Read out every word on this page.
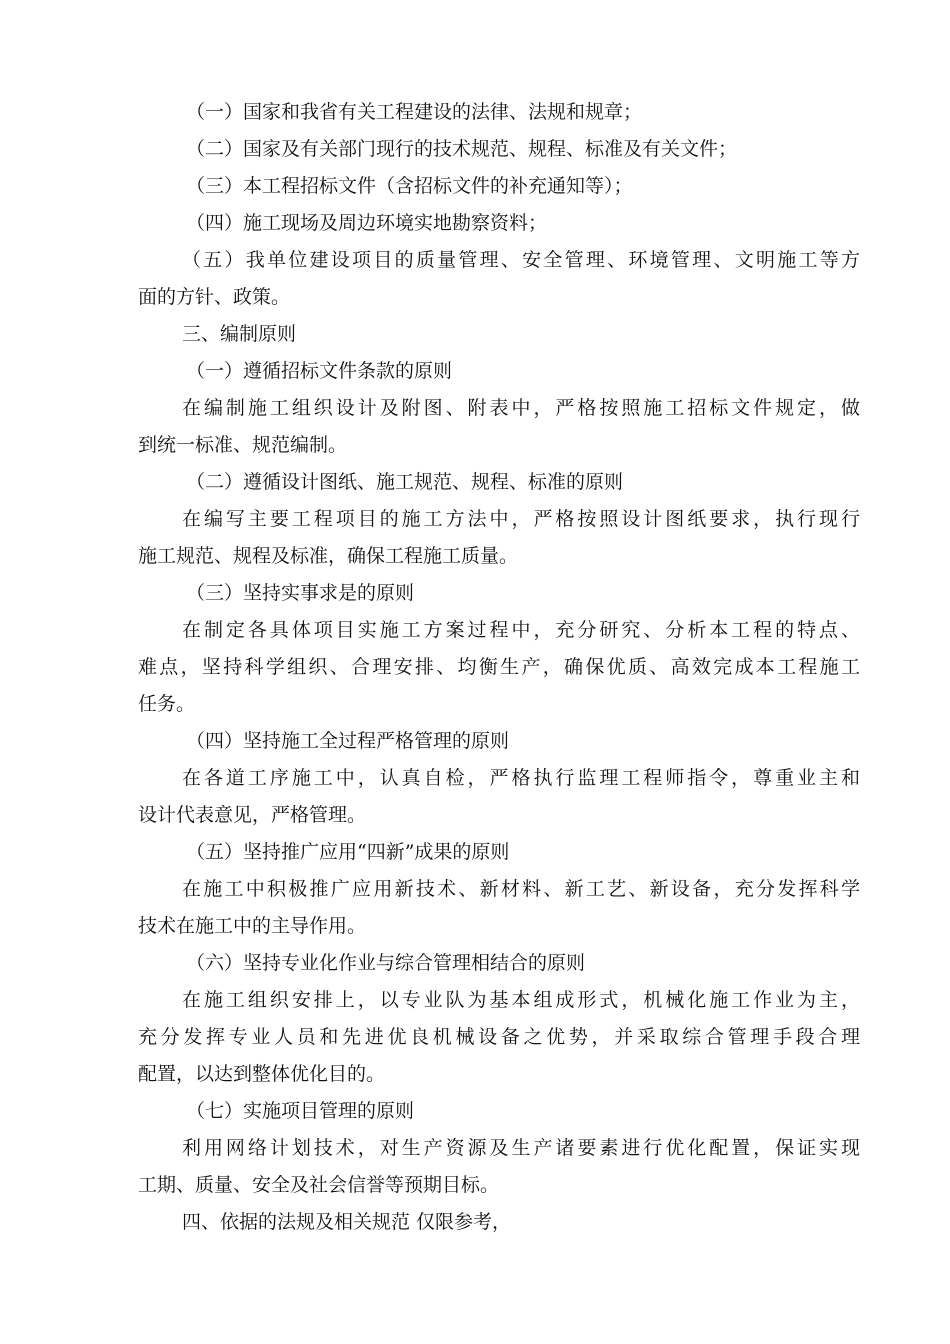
（一）国家和我省有关工程建设的法律、法规和规章；
（二）国家及有关部门现行的技术规范、规程、标准及有关文件；
（三）本工程招标文件（含招标文件的补充通知等）；
（四）施工现场及周边环境实地勘察资料；
（五）我单位建设项目的质量管理、安全管理、环境管理、文明施工等方
面的方针、政策。
三、编制原则
（一）遵循招标文件条款的原则
在编制施工组织设计及附图、附表中，严格按照施工招标文件规定，做
到统一标准、规范编制。
（二）遵循设计图纸、施工规范、规程、标准的原则
在编写主要工程项目的施工方法中，严格按照设计图纸要求，执行现行
施工规范、规程及标准，确保工程施工质量。
（三）坚持实事求是的原则
在制定各具体项目实施工方案过程中，充分研究、分析本工程的特点、
难点，坚持科学组织、合理安排、均衡生产，确保优质、高效完成本工程施工
任务。
（四）坚持施工全过程严格管理的原则
在各道工序施工中，认真自检，严格执行监理工程师指令，尊重业主和
设计代表意见，严格管理。
（五）坚持推广应用“四新”成果的原则
在施工中积极推广应用新技术、新材料、新工艺、新设备，充分发挥科学
技术在施工中的主导作用。
（六）坚持专业化作业与综合管理相结合的原则
在施工组织安排上，以专业队为基本组成形式，机械化施工作业为主，
充分发挥专业人员和先进优良机械设备之优势，并采取综合管理手段合理
配置，以达到整体优化目的。
（七）实施项目管理的原则
利用网络计划技术，对生产资源及生产诸要素进行优化配置，保证实现
工期、质量、安全及社会信誉等预期目标。
四、依据的法规及相关规范 仅限参考，
